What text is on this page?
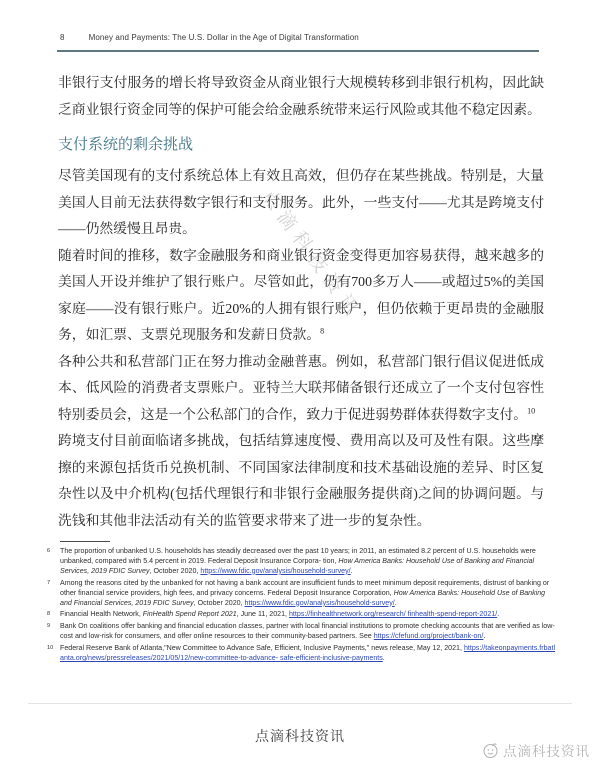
8	Money and Payments: The U.S. Dollar in the Age of Digital Transformation

非银行支付服务的增长将导致资金从商业银行大规模转移到非银行机构，因此缺乏商业银行资金同等的保护可能会给金融系统带来运行风险或其他不稳定因素。

支付系统的剩余挑战

尽管美国现有的支付系统总体上有效且高效，但仍存在某些挑战。特别是，大量美国人目前无法获得数字银行和支付服务。此外，一些支付——尤其是跨境支付——仍然缓慢且昂贵。

随着时间的推移，数字金融服务和商业银行资金变得更加容易获得，越来越多的美国人开设并维护了银行账户。尽管如此，仍有700多万人——或超过5%的美国家庭——没有银行账户。近20%的人拥有银行账户，但仍依赖于更昂贵的金融服务，如汇票、支票兑现服务和发薪日贷款。$^8$

各种公共和私营部门正在努力推动金融普惠。例如，私营部门银行倡议促进低成本、低风险的消费者支票账户。亚特兰大联邦储备银行还成立了一个支付包容性特别委员会，这是一个公私部门的合作，致力于促进弱势群体获得数字支付。$^{10}$

跨境支付目前面临诸多挑战，包括结算速度慢、费用高以及可及性有限。这些摩擦的来源包括货币兑换机制、不同国家法律制度和技术基础设施的差异、时区复杂性以及中介机构(包括代理银行和非银行金融服务提供商)之间的协调问题。与洗钱和其他非法活动有关的监管要求带来了进一步的复杂性。

6	The proportion of unbanked U.S. households has steadily decreased over the past 10 years; in 2011, an estimated 8.2 percent of U.S. households were unbanked, compared with 5.4 percent in 2019. Federal Deposit Insurance Corpora- tion, How America Banks: Household Use of Banking and Financial Services, 2019 FDIC Survey, October 2020, https://www.fdic.gov/analysis/household-survey/.
7	Among the reasons cited by the unbanked for not having a bank account are insufficient funds to meet minimum deposit requirements, distrust of banking or other financial service providers, high fees, and privacy concerns. Federal Deposit Insurance Corporation, How America Banks: Household Use of Banking and Financial Services, 2019 FDIC Survey, October 2020, https://www.fdic.gov/analysis/household-survey/.
8	Financial Health Network, FinHealth Spend Report 2021, June 11, 2021, https://finhealthnetwork.org/research/ finhealth-spend-report-2021/.
9	Bank On coalitions offer banking and financial education classes, partner with local financial institutions to promote checking accounts that are verified as low-cost and low-risk for consumers, and offer online resources to their community-based partners. See https://cfefund.org/project/bank-on/.
10 Federal Reserve Bank of Atlanta,"New Committee to Advance Safe, Efficient, Inclusive Payments," news release, May 12, 2021, https://takeonpayments.frbatlanta.org/news/pressreleases/2021/05/12/new-committee-to-advance- safe-efficient-inclusive-payments.
点滴科技资讯
点滴科技资讯
点滴科技资讯
